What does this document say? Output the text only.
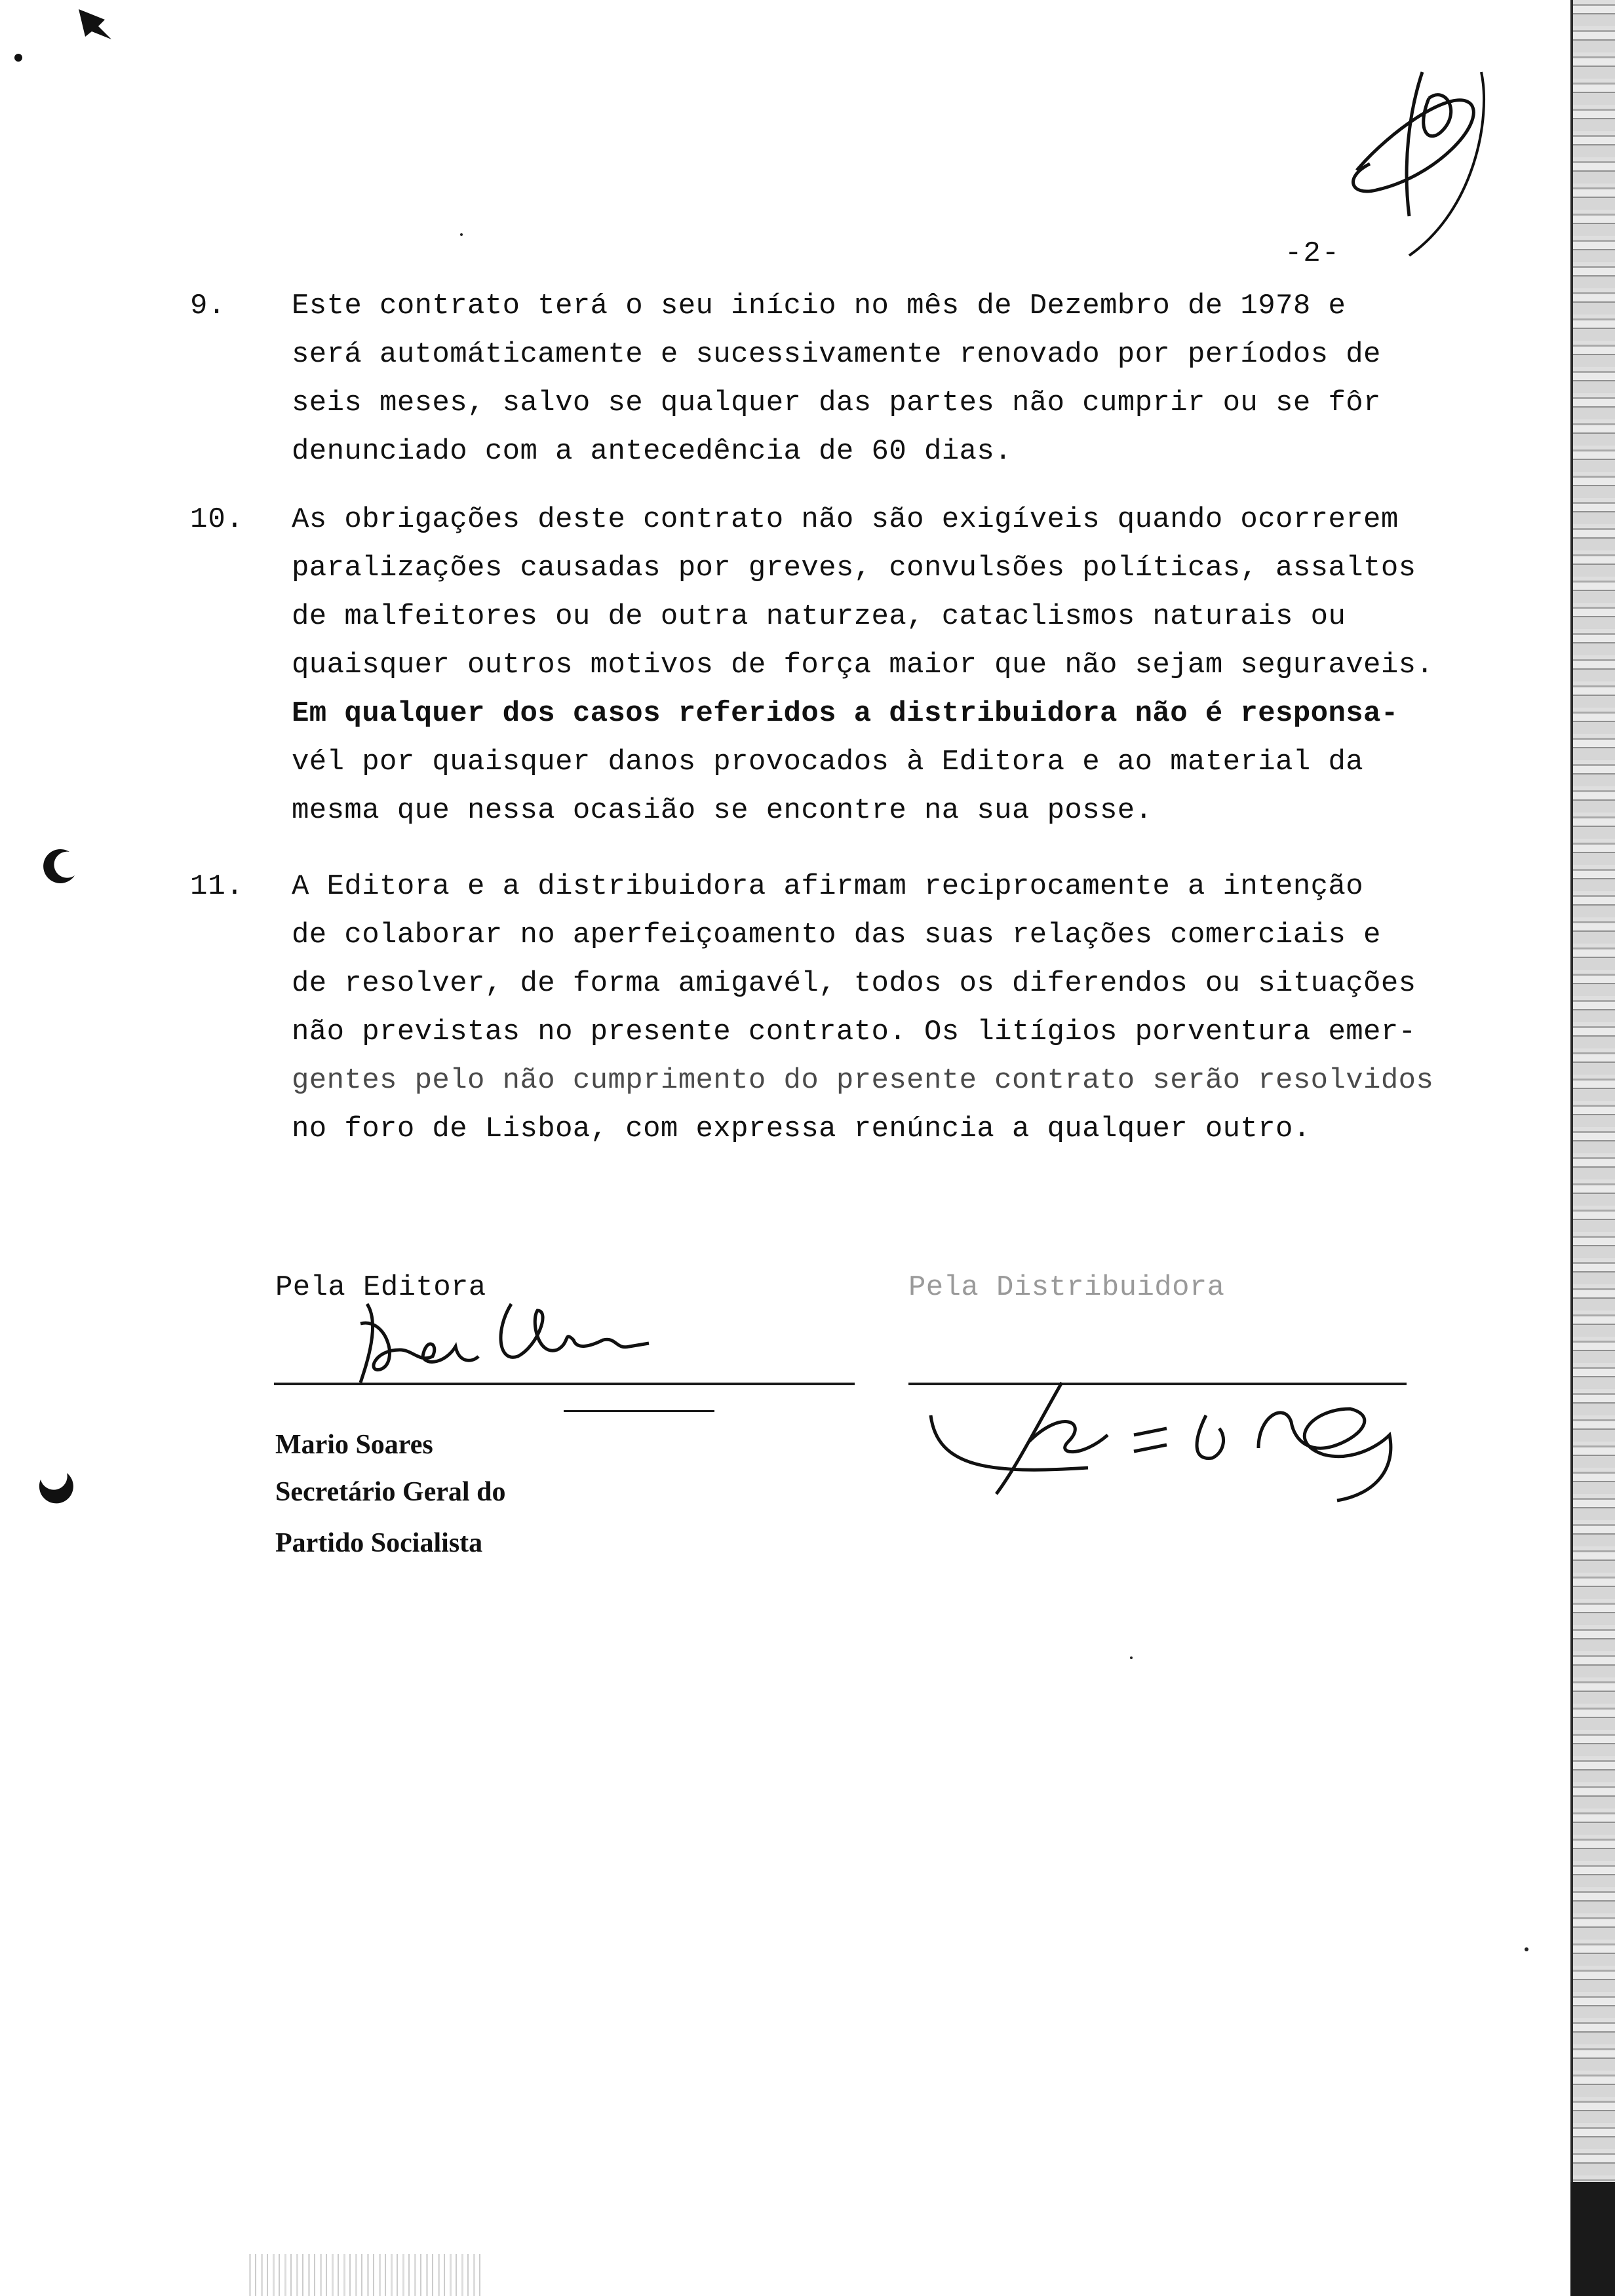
-2-
9. Este contrato terá o seu início no mês de Dezembro de 1978 e
será automáticamente e sucessivamente renovado por períodos de
seis meses, salvo se qualquer das partes não cumprir ou se fôr
denunciado com a antecedência de 60 dias.
10. As obrigações deste contrato não são exigíveis quando ocorrerem
paralizações causadas por greves, convulsões políticas, assaltos
de malfeitores ou de outra naturzea, cataclismos naturais ou
quaisquer outros motivos de força maior que não sejam seguraveis.
Em qualquer dos casos referidos a distribuidora não é responsa-
vél por quaisquer danos provocados à Editora e ao material da
mesma que nessa ocasião se encontre na sua posse.
11. A Editora e a distribuidora afirmam reciprocamente a intenção
de colaborar no aperfeiçoamento das suas relações comerciais e
de resolver, de forma amigavél, todos os diferendos ou situações
não previstas no presente contrato. Os litígios porventura emer-
gentes pelo não cumprimento do presente contrato serão resolvidos
no foro de Lisboa, com expressa renúncia a qualquer outro.
Pela Editora
Mario Soares
Secretário Geral do
Partido Socialista
Pela Distribuidora
